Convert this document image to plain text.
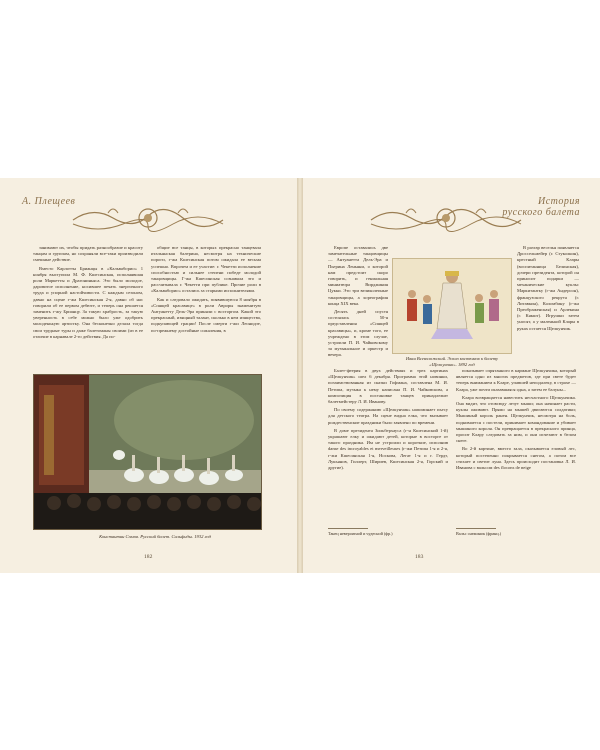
А. Плещеев

занимают их, чтобы придать разнообразие и красоту танцам и группам, но сохраняли все-таки производили смешные действие.

Вместо Карлотты Брианцы в «Кальваборио» 1 ноября выступила М. Ф. Кшесинская, исполнявшая роли Маркетты и Драгониньяса. Это было молодое, даровитое исполнение, носившее печать энергичного труда и упорной настойчивости. С каждым сезоном, давно на сцене г-жа Кшесинская 2-я, давно об нас говорили об ее первом дебюте, и теперь она решается заменить г-жу Брианцу. За такую храбрость, за такую уверенность в себе можно было уже одобрить молоденькую артистку. Она бесконечно делала тогда свои трудные туры и даже балетоманы своими (из в ее отличие в карнавале 2-го действия. Да по-

общие все танцы, в которых прекрасно танцевала итальянская балерина, несмотря на технические пороги, г-жа Кшесинская потом ожидала ее весьма успешно. Впрочем и ее участие: г. Чекетти исполнение способностью и сильнее степени победе молодой танцовщицы. Г-жа Кшесинская сознавала это и рассчитывала г. Чекетти при публике. Прочие роли в «Кальваборио» остались за старыми исполнителями.

Как и следовало ожидать, появившуюся 8 ноября в «Спящей красавице» в роли Авроры знаменитую Антуанетту Дель-Эра приняли с восторгом. Какой это прекрасный, изящный талант, сколько в нем изящества, подкупающей грации! После смерти г-жи Леонидзе, по-прежнему достойные сожаления, в

Константин Сомов. Русский балет. Сильфиды. 1932 год
182
История русского балета

Европе оставались две замечательные танцовщицы — Антуанетта Дель-Эра и Пьерина Леньяни, о которой нам предстоит скоро говорить, и гениальная миниатюра Вирджиния Цукки. Это три великолепные танцовщицы, а хореография конца XIX века.

Десять дней спустя состоялась 50-я представления «Спящей красавицы», и, кроме того, ее учреждено в этом случае, устроили П. И. Чайковскому за музыкальное и оркестр и вечера.

Балет-феерия в двух действиях и трех картинах «Щелкунчик» шел 6 декабря. Программа этой новинки, позаимствованная из сказки Гофмана, составлена М. И. Петипа, музыка к нему написана П. И. Чайковским, а композиция в постановке танцев принадлежит балетмейстеру Л. И. Иванову.

По своему содержанию «Щелкунчик» напоминает пьесу для детского театра. На сцене видна елка, что вызывает рождественские праздники было заявлено по времени.

В доме президента Зильберхауса (г-н Кшесинский 1-й) украшают елку и ожидают детей, которые в восторге от такого праздника. Им не устроили и короткие, исполнив danse des incroyables et merveilleuses (г-жи Петипа 1-я и 2-я, г-жи Кшесинская 1-я, Носкова, Легат 1-я и г. Гердт, Лукьянов, Гиллерт, Шириев, Кшесинская 2-я, Горский и другие).

Танец невероятной и чудесной (фр.)
Иван Всеволожский. Эскиз костюмов к балету «Щелкунчик». 1892 год

показывает спрятанного в кармане Щелкунчика, который является одно из многих предметов, где при свете будет теперь вниманием к Кларе, упавшей неподалеку, в страхе — Клара, уже почти оказавшаяся одна, а затем ее балуны...

Клара возвращается навестить несчастного Щелкунчика. Она видит, что отовсюду лезут мыши; она начинает расти, куклы оживают. Прямо на мышей двигаются солдатики; Мышиный король ранен. Щелкунчик, несмотря на боль, поднимается с постели, принимает командование и убивает мышиного короля. Он превращается в прекрасного принца, просит Клару следовать за ним, и они исчезают в белом снеге.

Во 2-й картине, вместо зала, оказывается еловый лес, который постепенно покрывается снегом, а потом все стихает и светит луна. Здесь происходит постановка Л. И. Иванова с вальсом des flocons de neige

Вальс снежинок (франц.)

В разгар веселья появляется Дроссельмейер (г. Стуколкин), крестный Клары (воспитанница Белинская), дочери президента, которой он приносит подарки — механические куклы: Маркитантку (г-жа Андерсон), французского рекрута (г. Литавкин), Коломбину (г-жа Преображенская) и Арлекина (г. Кякшт). Игрушки затем уносят, а у маленькой Клары в руках остается Щелкунчик.

183
